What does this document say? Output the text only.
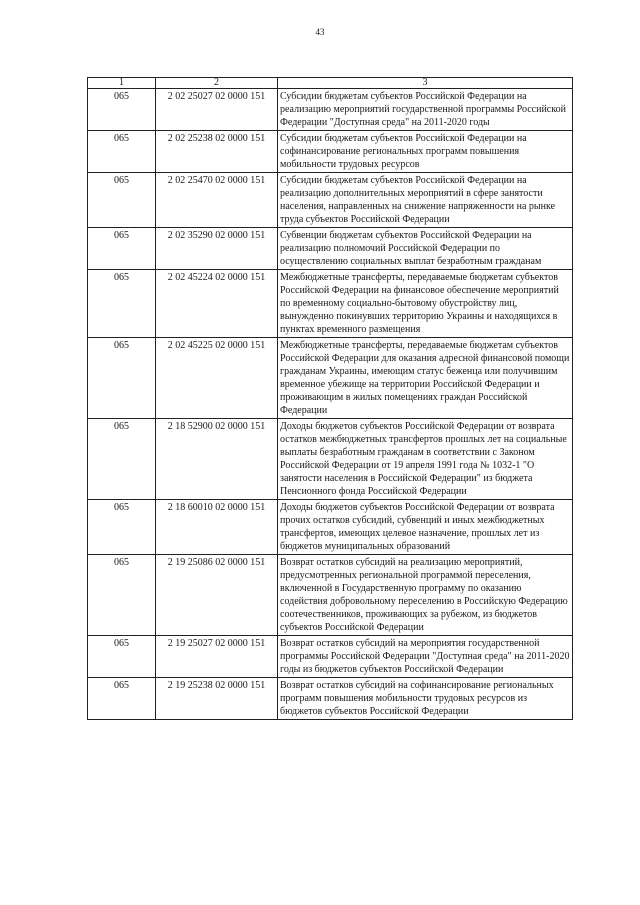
43
1	2	3
065	2 02 25027 02 0000 151	Субсидии бюджетам субъектов Российской Федерации на реализацию мероприятий государственной программы Российской Федерации "Доступная среда" на 2011-2020 годы
065	2 02 25238 02 0000 151	Субсидии бюджетам субъектов Российской Федерации на софинансирование региональных программ повышения мобильности трудовых ресурсов
065	2 02 25470 02 0000 151	Субсидии бюджетам субъектов Российской Федерации на реализацию дополнительных мероприятий в сфере занятости населения, направленных на снижение напряженности на рынке труда субъектов Российской Федерации
065	2 02 35290 02 0000 151	Субвенции бюджетам субъектов Российской Федерации на реализацию полномочий Российской Федерации по осуществлению социальных выплат безработным гражданам
065	2 02 45224 02 0000 151	Межбюджетные трансферты, передаваемые бюджетам субъектов Российской Федерации на финансовое обеспечение мероприятий по временному социально-бытовому обустройству лиц, вынужденно покинувших территорию Украины и находящихся в пунктах временного размещения
065	2 02 45225 02 0000 151	Межбюджетные трансферты, передаваемые бюджетам субъектов Российской Федерации для оказания адресной финансовой помощи гражданам Украины, имеющим статус беженца или получившим временное убежище на территории Российской Федерации и проживающим в жилых помещениях граждан Российской Федерации
065	2 18 52900 02 0000 151	Доходы бюджетов субъектов Российской Федерации от возврата остатков межбюджетных трансфертов прошлых лет на социальные выплаты безработным гражданам в соответствии с Законом Российской Федерации от 19 апреля 1991 года № 1032-1 "О занятости населения в Российской Федерации" из бюджета Пенсионного фонда Российской Федерации
065	2 18 60010 02 0000 151	Доходы бюджетов субъектов Российской Федерации от возврата прочих остатков субсидий, субвенций и иных межбюджетных трансфертов, имеющих целевое назначение, прошлых лет из бюджетов муниципальных образований
065	2 19 25086 02 0000 151	Возврат остатков субсидий на реализацию мероприятий, предусмотренных региональной программой переселения, включенной в Государственную программу по оказанию содействия добровольному переселению в Российскую Федерацию соотечественников, проживающих за рубежом, из бюджетов субъектов Российской Федерации
065	2 19 25027 02 0000 151	Возврат остатков субсидий на мероприятия государственной программы Российской Федерации "Доступная среда" на 2011-2020 годы из бюджетов субъектов Российской Федерации
065	2 19 25238 02 0000 151	Возврат остатков субсидий на софинансирование региональных программ повышения мобильности трудовых ресурсов из бюджетов субъектов Российской Федерации
